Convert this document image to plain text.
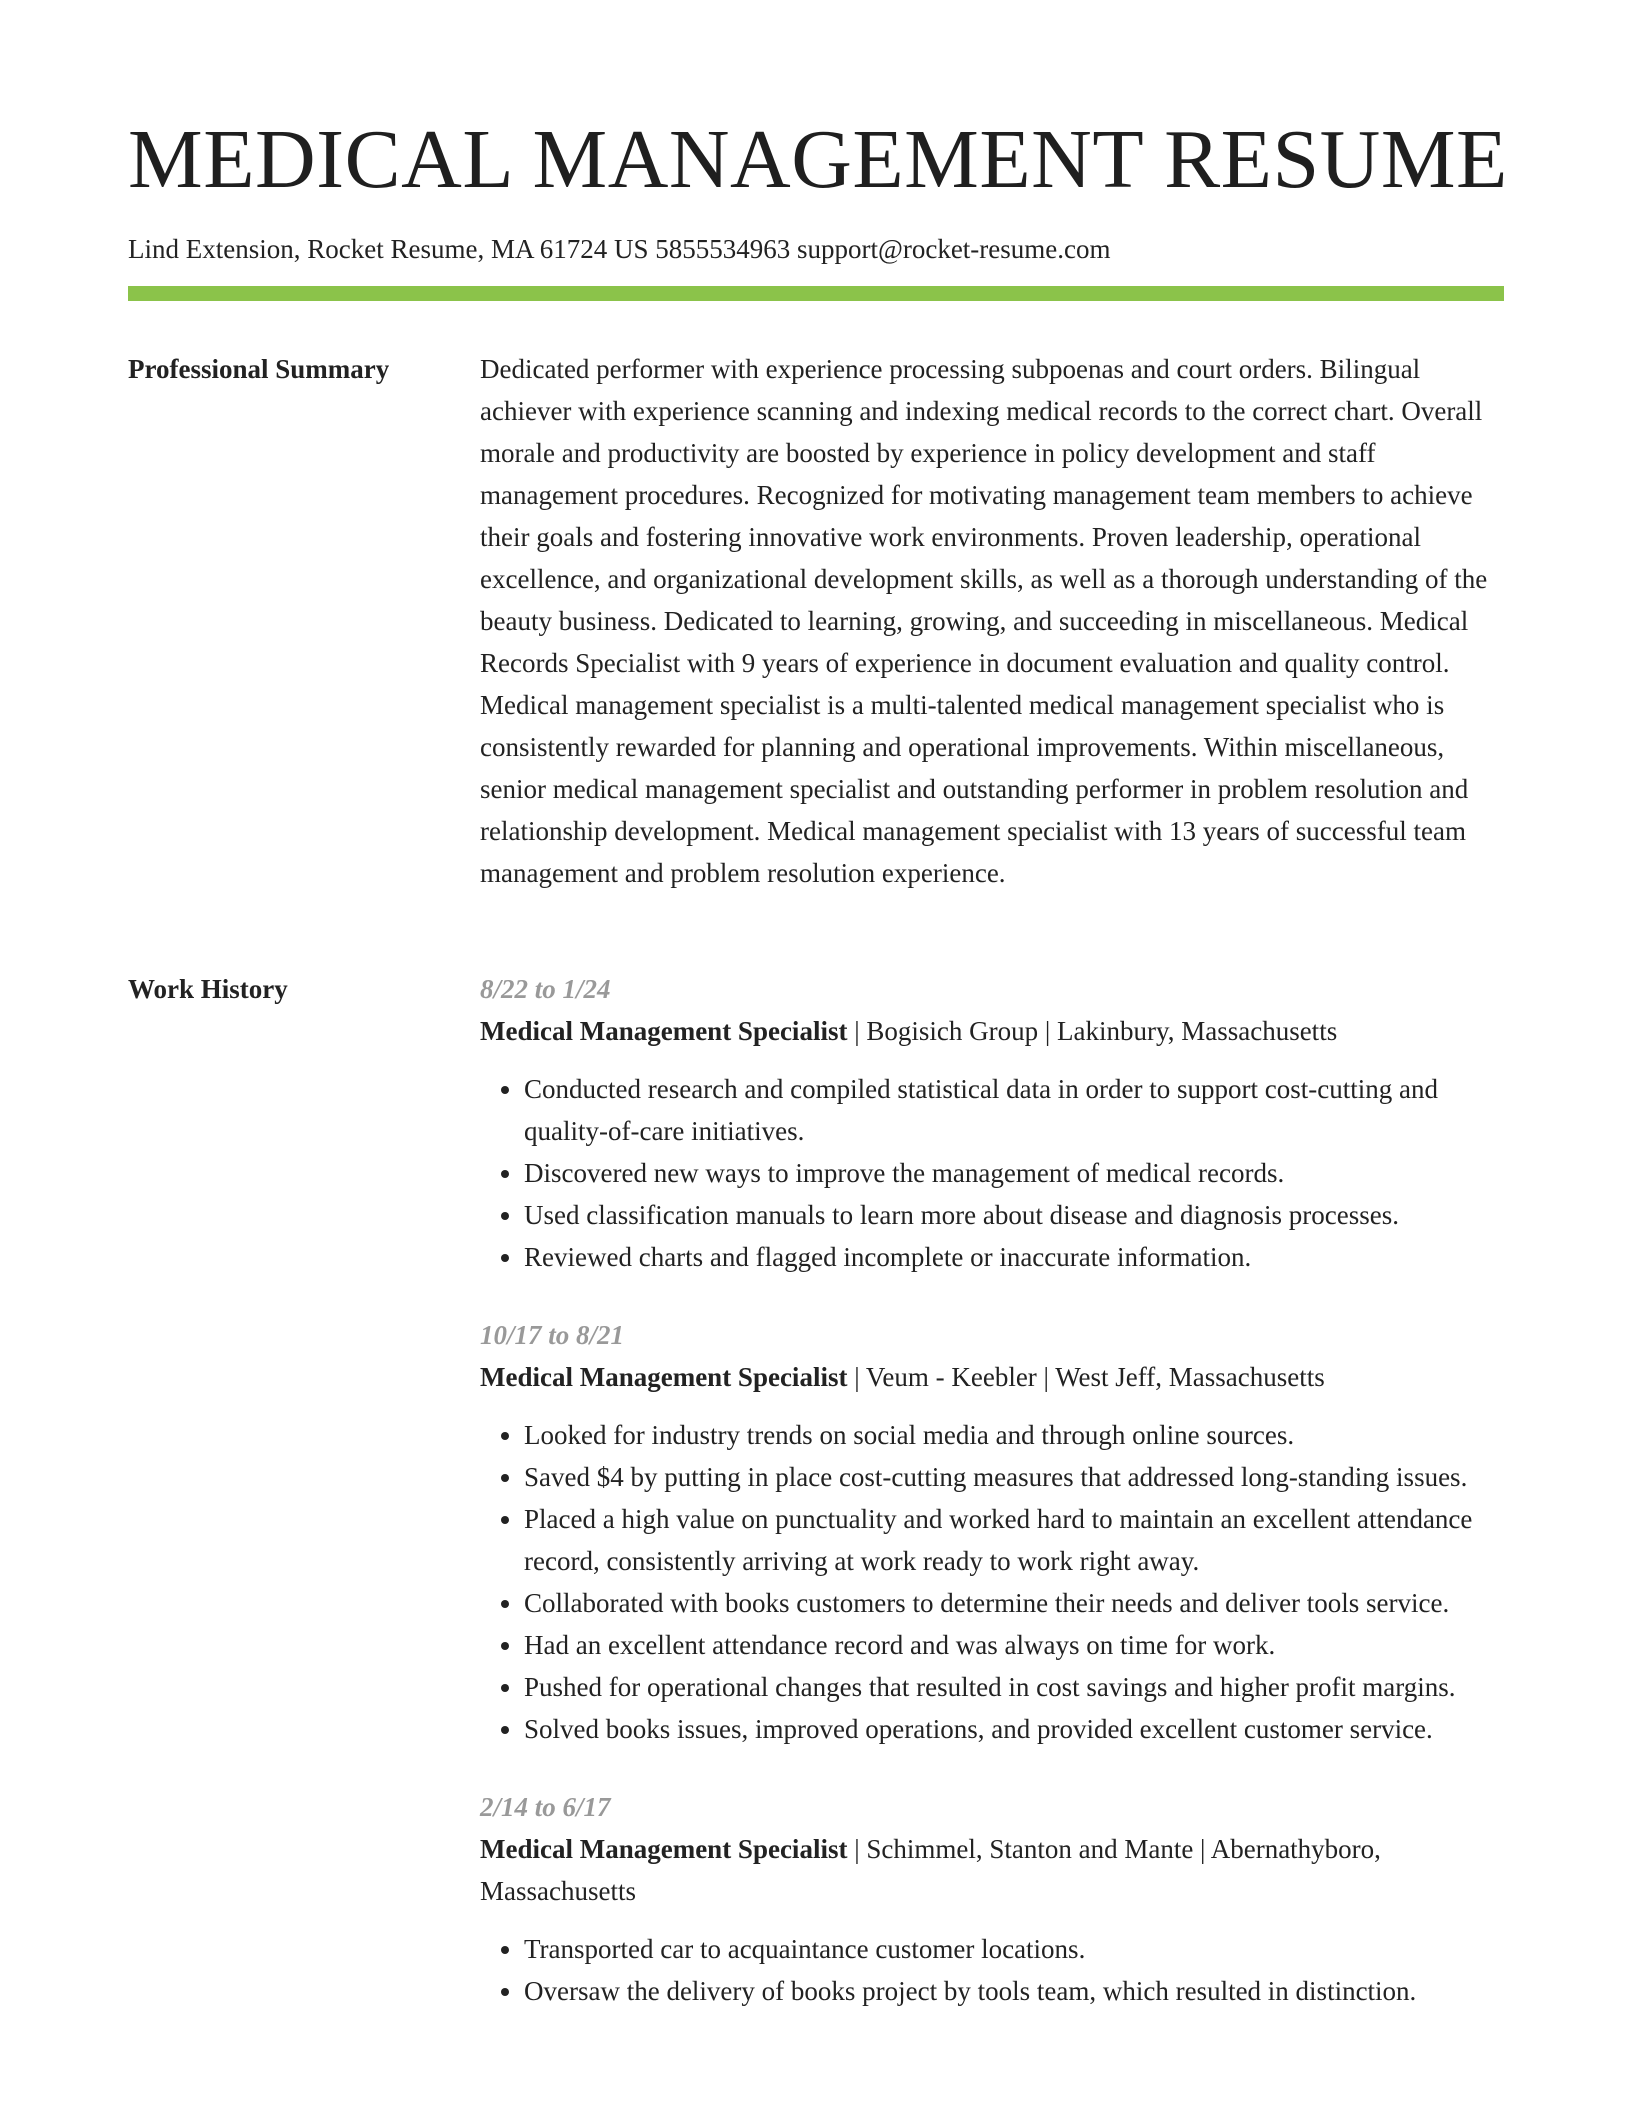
MEDICAL MANAGEMENT RESUME
Lind Extension, Rocket Resume, MA 61724 US 5855534963 support@rocket-resume.com
Professional Summary	Dedicated performer with experience processing subpoenas and court orders. Bilingual achiever with experience scanning and indexing medical records to the correct chart. Overall morale and productivity are boosted by experience in policy development and staff management procedures. Recognized for motivating management team members to achieve their goals and fostering innovative work environments. Proven leadership, operational excellence, and organizational development skills, as well as a thorough understanding of the beauty business. Dedicated to learning, growing, and succeeding in miscellaneous. Medical Records Specialist with 9 years of experience in document evaluation and quality control. Medical management specialist is a multi-talented medical management specialist who is consistently rewarded for planning and operational improvements. Within miscellaneous, senior medical management specialist and outstanding performer in problem resolution and relationship development. Medical management specialist with 13 years of successful team management and problem resolution experience.

Work History	8/22 to 1/24

Medical Management Specialist | Bogisich Group | Lakinbury, Massachusetts

• Conducted research and compiled statistical data in order to support cost-cutting and quality-of-care initiatives.
• Discovered new ways to improve the management of medical records.
• Used classification manuals to learn more about disease and diagnosis processes.
• Reviewed charts and flagged incomplete or inaccurate information.
10/17 to 8/21

Medical Management Specialist | Veum - Keebler | West Jeff, Massachusetts

• Looked for industry trends on social media and through online sources.
• Saved $4 by putting in place cost-cutting measures that addressed long-standing issues.
• Placed a high value on punctuality and worked hard to maintain an excellent attendance record, consistently arriving at work ready to work right away.
• Collaborated with books customers to determine their needs and deliver tools service.
• Had an excellent attendance record and was always on time for work.
• Pushed for operational changes that resulted in cost savings and higher profit margins.
• Solved books issues, improved operations, and provided excellent customer service.
2/14 to 6/17

Medical Management Specialist | Schimmel, Stanton and Mante | Abernathyboro, Massachusetts

• Transported car to acquaintance customer locations.
• Oversaw the delivery of books project by tools team, which resulted in distinction.
